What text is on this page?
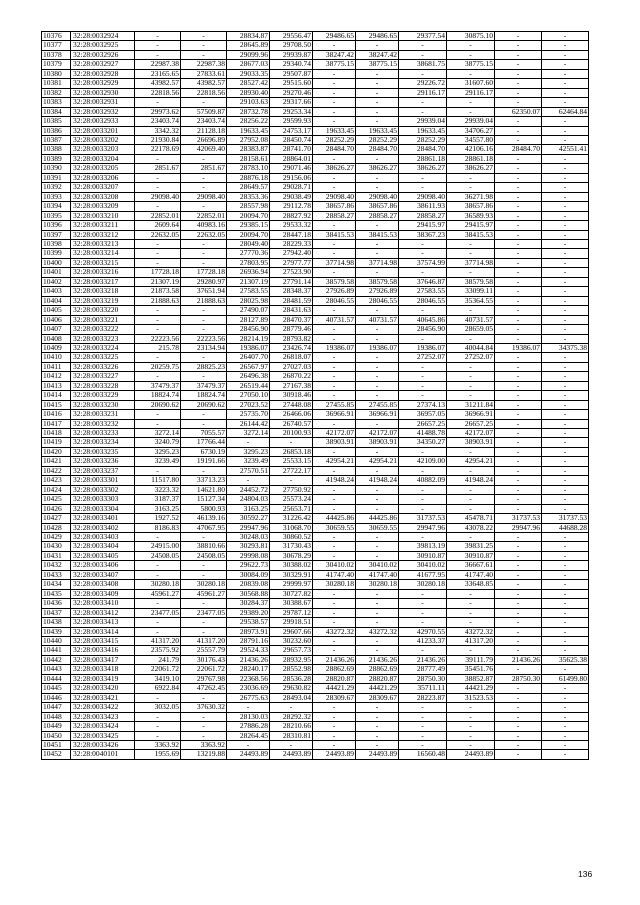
10376	32:28:0032924	-	-	28834.87	29556.47	29486.65	29486.65	29377.54	30875.10	-	-
10377	32:28:0032925	-	-	28645.89	29708.50	-	-	-	-	-	-
10378	32:28:0032926	-	-	29099.96	29939.87	38247.42	38247.42	-	-	-	-
10379	32:28:0032927	22987.38	22987.38	28677.03	29340.74	38775.15	38775.15	38681.75	38775.15	-	-
10380	32:28:0032928	23165.65	27833.61	29033.35	29507.87	-	-	-	-	-	-
10381	32:28:0032929	43982.57	43982.57	28527.42	29515.60	-	-	29226.72	31607.60	-	-
10382	32:28:0032930	22818.56	22818.56	28930.40	29270.46	-	-	29116.17	29116.17	-	-
10383	32:28:0032931	-	-	29103.63	29317.66	-	-	-	-	-	-
10384	32:28:0032932	29973.62	57509.87	28732.78	29253.34	-	-	-	-	62350.07	62464.84
10385	32:28:0032933	23403.74	23403.74	28256.22	29599.93	-	-	29939.04	29939.04	-	-
10386	32:28:0033201	3342.32	21128.18	19633.45	24753.17	19633.45	19633.45	19633.45	34706.27	-	-
10387	32:28:0033202	21930.84	26696.89	27952.08	28450.74	28252.29	28252.29	28252.29	34557.80	-	-
10388	32:28:0033203	22178.69	42069.40	28383.87	28741.70	28484.70	28484.70	28484.70	42106.16	28484.70	42551.41
10389	32:28:0033204	-	-	28158.61	28864.01	-	-	28861.18	28861.18	-	-
10390	32:28:0033205	2851.67	2851.67	28783.10	29071.46	38626.27	38626.27	38626.27	38626.27	-	-
10391	32:28:0033206	-	-	28876.18	29156.06	-	-	-	-	-	-
10392	32:28:0033207	-	-	28649.57	29028.71	-	-	-	-	-	-
10393	32:28:0033208	29098.40	29098.40	28353.36	29038.49	29098.40	29098.40	29098.40	36271.98	-	-
10394	32:28:0033209	-	-	28557.98	29112.78	38657.86	38657.86	38611.93	38657.86	-	-
10395	32:28:0033210	22852.01	22852.01	20094.70	28827.92	28858.27	28858.27	28858.27	36589.93	-	-
10396	32:28:0033211	2609.64	40983.16	29385.15	29533.32	-	-	29415.97	29415.97	-	-
10397	32:28:0033212	22632.05	22632.05	20094.70	28447.18	38415.53	38415.53	38367.23	38415.53	-	-
10398	32:28:0033213	-	-	28049.40	28229.33	-	-	-	-	-	-
10399	32:28:0033214	-	-	27770.36	27942.40	-	-	-	-	-	-
10400	32:28:0033215	-	-	27803.95	27977.77	37714.98	37714.98	37574.99	37714.98	-	-
10401	32:28:0033216	17728.18	17728.18	26936.94	27523.90	-	-	-	-	-	-
10402	32:28:0033217	21307.19	29280.97	21307.19	27791.14	38579.58	38579.58	37646.87	38579.58	-	-
10403	32:28:0033218	21873.58	37651.94	27583.55	28348.37	27926.89	27926.89	27583.55	33099.11	-	-
10404	32:28:0033219	21888.63	21888.63	28025.98	28481.59	28046.55	28046.55	28046.55	35364.55	-	-
10405	32:28:0033220	-	-	27490.07	28431.63	-	-	-	-	-	-
10406	32:28:0033221	-	-	28127.89	28470.37	40731.57	40731.57	40645.86	40731.57	-	-
10407	32:28:0033222	-	-	28456.90	28779.46	-	-	28456.90	28659.05	-	-
10408	32:28:0033223	22223.56	22223.56	28214.19	28793.82	-	-	-	-	-	-
10409	32:28:0033224	215.78	23134.94	19386.07	23426.74	19386.07	19386.07	19386.07	40044.84	19386.07	34375.38
10410	32:28:0033225	-	-	26407.70	26818.07	-	-	27252.07	27252.07	-	-
10411	32:28:0033226	20259.75	28825.23	26567.97	27027.03	-	-	-	-	-	-
10412	32:28:0033227	-	-	26496.38	26870.22	-	-	-	-	-	-
10413	32:28:0033228	37479.37	37479.37	26519.44	27167.38	-	-	-	-	-	-
10414	32:28:0033229	18824.74	18824.74	27050.10	30918.46	-	-	-	-	-	-
10415	32:28:0033230	20690.62	20690.62	27023.52	27448.08	27455.85	27455.85	27374.13	31211.84	-	-
10416	32:28:0033231	-	-	25735.70	26466.06	36966.91	36966.91	36957.05	36966.91	-	-
10417	32:28:0033232	-	-	26144.42	26740.57	-	-	26657.25	26657.25	-	-
10418	32:28:0033233	3272.14	7055.57	3272.14	20100.93	42172.07	42172.07	41488.78	42172.07	-	-
10419	32:28:0033234	3240.79	17766.44	-	-	38903.91	38903.91	34350.27	38903.91	-	-
10420	32:28:0033235	3295.23	6730.19	3295.23	26853.18	-	-	-	-	-	-
10421	32:28:0033236	3239.49	19191.66	3239.49	25533.15	42954.21	42954.21	42109.00	42954.21	-	-
10422	32:28:0033237	-	-	27570.51	27722.17	-	-	-	-	-	-
10423	32:28:0033301	11517.80	33713.23	-	-	41948.24	41948.24	40882.09	41948.24	-	-
10424	32:28:0033302	3223.32	14621.80	24452.72	27750.92	-	-	-	-	-	-
10425	32:28:0033303	3187.37	15127.34	24804.03	25573.24	-	-	-	-	-	-
10426	32:28:0033304	3163.25	5800.93	3163.25	25653.71	-	-	-	-	-	-
10427	32:28:0033401	1927.52	46139.16	30592.27	31226.42	44425.86	44425.86	31737.53	45478.71	31737.53	31737.53
10428	32:28:0033402	8186.83	47067.95	29947.96	31068.70	30659.55	30659.55	29947.96	43078.22	29947.96	44688.28
10429	32:28:0033403	-	-	30248.03	30860.52	-	-	-	-	-	-
10430	32:28:0033404	24915.00	38810.66	30293.81	31730.43	-	-	39813.19	39831.25	-	-
10431	32:28:0033405	24508.05	24508.05	29998.08	30678.29	-	-	30910.87	30910.87	-	-
10432	32:28:0033406	-	-	29622.73	30388.02	30410.02	30410.02	30410.02	36667.61	-	-
10433	32:28:0033407	-	-	30084.09	30329.91	41747.40	41747.40	41677.95	41747.40	-	-
10434	32:28:0033408	30280.18	30280.18	20839.08	29999.97	30280.18	30280.18	30280.18	33648.85	-	-
10435	32:28:0033409	45961.27	45961.27	30568.88	30727.82	-	-	-	-	-	-
10436	32:28:0033410	-	-	30284.37	30388.67	-	-	-	-	-	-
10437	32:28:0033412	23477.05	23477.05	29389.20	29787.12	-	-	-	-	-	-
10438	32:28:0033413	-	-	29538.57	29918.51	-	-	-	-	-	-
10439	32:28:0033414	-	-	28973.91	29607.66	43272.32	43272.32	42970.55	43272.32	-	-
10440	32:28:0033415	41317.20	41317.20	28791.16	30232.60	-	-	41233.37	41317.20	-	-
10441	32:28:0033416	23575.92	25557.79	29524.33	29657.73	-	-	-	-	-	-
10442	32:28:0033417	241.79	30176.43	21436.26	28932.95	21436.26	21436.26	21436.26	39111.79	21436.26	35625.38
10443	32:28:0033418	22061.72	22061.72	28240.17	28552.98	28862.69	28862.69	28777.49	35451.76	-	-
10444	32:28:0033419	3419.10	29767.98	22368.56	28536.28	28820.87	28820.87	28750.30	38852.87	28750.30	61499.80
10445	32:28:0033420	6922.84	47262.45	23036.69	29630.82	44421.29	44421.29	35711.11	44421.29	-	-
10446	32:28:0033421	-	-	26775.63	28493.04	28309.67	28309.67	28223.87	31523.53	-	-
10447	32:28:0033422	3032.05	37630.32	-	-	-	-	-	-	-	-
10448	32:28:0033423	-	-	28130.03	28292.32	-	-	-	-	-	-
10449	32:28:0033424	-	-	27886.28	28210.66	-	-	-	-	-	-
10450	32:28:0033425	-	-	28264.45	28310.81	-	-	-	-	-	-
10451	32:28:0033426	3363.92	3363.92	-	-	-	-	-	-	-	-
10452	32:28:0040101	1955.69	13219.88	24493.89	24493.89	24493.89	24493.89	16560.48	24493.89	-	-
136
